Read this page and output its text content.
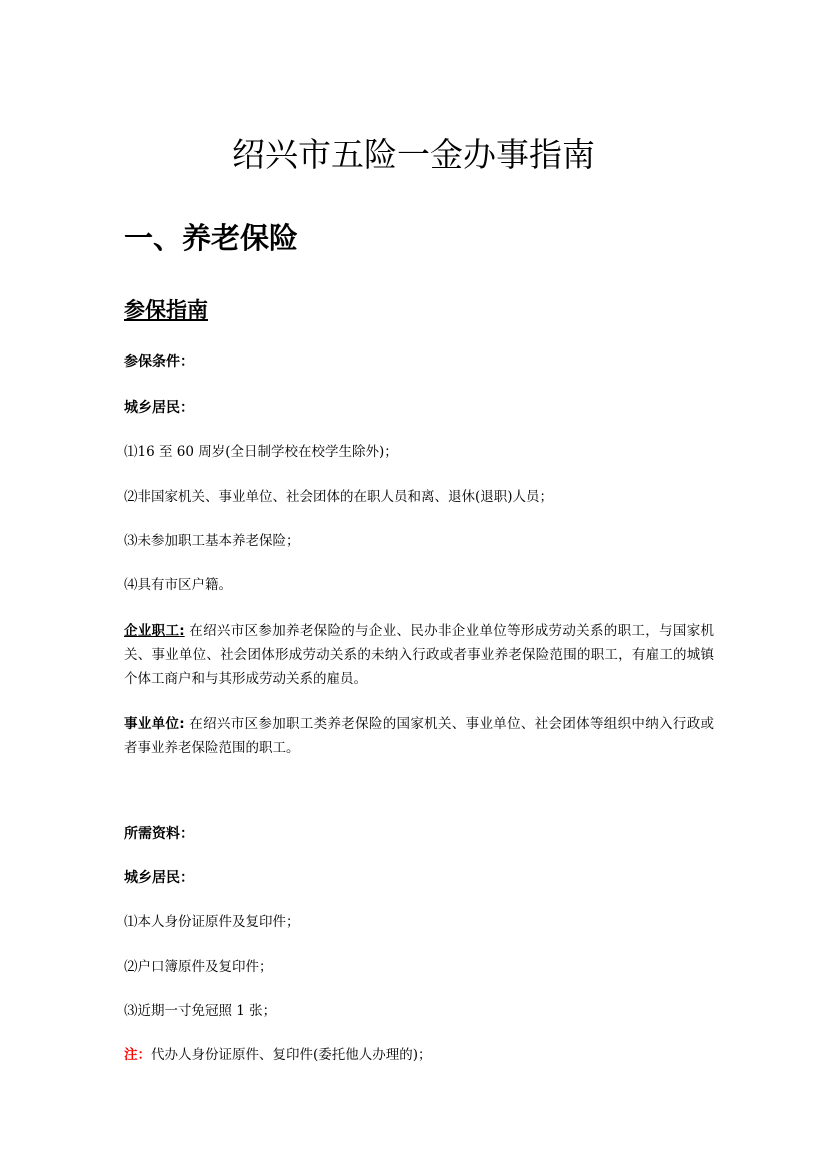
绍兴市五险一金办事指南
一、养老保险
参保指南

参保条件：

城乡居民：

⑴16 至 60 周岁(全日制学校在校学生除外)；

⑵非国家机关、事业单位、社会团体的在职人员和离、退休(退职)人员；

⑶未参加职工基本养老保险；

⑷具有市区户籍。

企业职工: 在绍兴市区参加养老保险的与企业、民办非企业单位等形成劳动关系的职工，与国家机关、事业单位、社会团体形成劳动关系的未纳入行政或者事业养老保险范围的职工，有雇工的城镇个体工商户和与其形成劳动关系的雇员。

事业单位: 在绍兴市区参加职工类养老保险的国家机关、事业单位、社会团体等组织中纳入行政或者事业养老保险范围的职工。

所需资料：

城乡居民：

⑴本人身份证原件及复印件；

⑵户口簿原件及复印件；

⑶近期一寸免冠照 1 张；

注：代办人身份证原件、复印件(委托他人办理的)；
